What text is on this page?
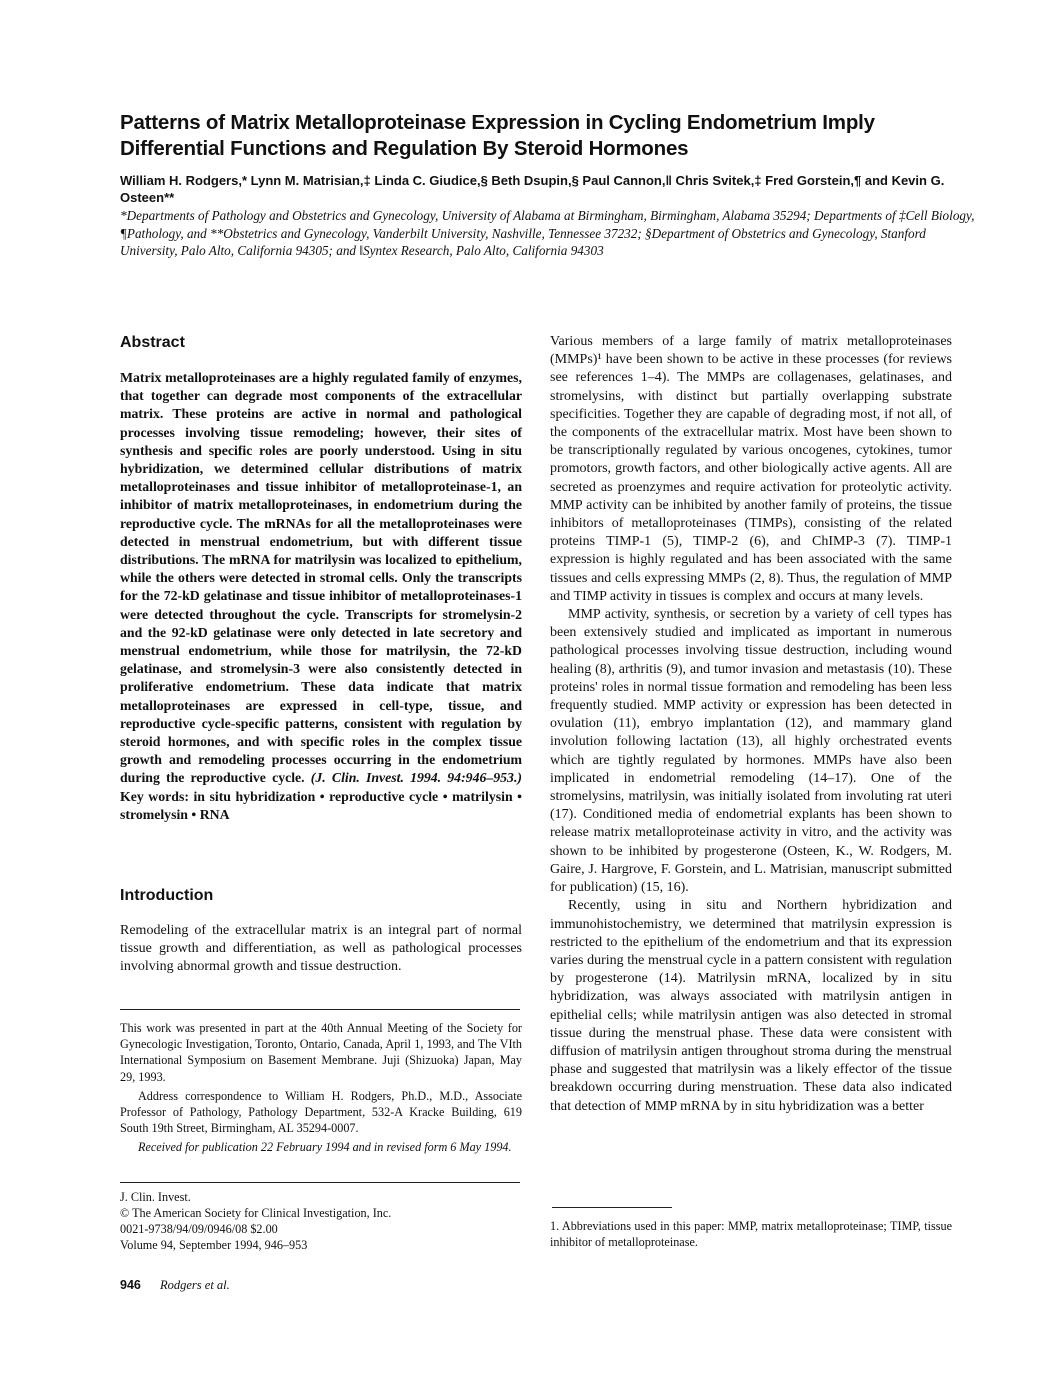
Patterns of Matrix Metalloproteinase Expression in Cycling Endometrium Imply Differential Functions and Regulation By Steroid Hormones
William H. Rodgers,* Lynn M. Matrisian,‡ Linda C. Giudice,§ Beth Dsupin,§ Paul Cannon,‖ Chris Svitek,‡ Fred Gorstein,¶ and Kevin G. Osteen**
*Departments of Pathology and Obstetrics and Gynecology, University of Alabama at Birmingham, Birmingham, Alabama 35294; Departments of ‡Cell Biology, ¶Pathology, and **Obstetrics and Gynecology, Vanderbilt University, Nashville, Tennessee 37232; §Department of Obstetrics and Gynecology, Stanford University, Palo Alto, California 94305; and ‖Syntex Research, Palo Alto, California 94303
Abstract
Matrix metalloproteinases are a highly regulated family of enzymes, that together can degrade most components of the extracellular matrix. These proteins are active in normal and pathological processes involving tissue remodeling; however, their sites of synthesis and specific roles are poorly understood. Using in situ hybridization, we determined cellular distributions of matrix metalloproteinases and tissue inhibitor of metalloproteinase-1, an inhibitor of matrix metalloproteinases, in endometrium during the reproductive cycle. The mRNAs for all the metalloproteinases were detected in menstrual endometrium, but with different tissue distributions. The mRNA for matrilysin was localized to epithelium, while the others were detected in stromal cells. Only the transcripts for the 72-kD gelatinase and tissue inhibitor of metalloproteinases-1 were detected throughout the cycle. Transcripts for stromelysin-2 and the 92-kD gelatinase were only detected in late secretory and menstrual endometrium, while those for matrilysin, the 72-kD gelatinase, and stromelysin-3 were also consistently detected in proliferative endometrium. These data indicate that matrix metalloproteinases are expressed in cell-type, tissue, and reproductive cycle-specific patterns, consistent with regulation by steroid hormones, and with specific roles in the complex tissue growth and remodeling processes occurring in the endometrium during the reproductive cycle. (J. Clin. Invest. 1994. 94:946–953.) Key words: in situ hybridization • reproductive cycle • matrilysin • stromelysin • RNA
Introduction

Remodeling of the extracellular matrix is an integral part of normal tissue growth and differentiation, as well as pathological processes involving abnormal growth and tissue destruction.

This work was presented in part at the 40th Annual Meeting of the Society for Gynecologic Investigation, Toronto, Ontario, Canada, April 1, 1993, and The VIth International Symposium on Basement Membrane. Juji (Shizuoka) Japan, May 29, 1993.

Address correspondence to William H. Rodgers, Ph.D., M.D., Associate Professor of Pathology, Pathology Department, 532-A Kracke Building, 619 South 19th Street, Birmingham, AL 35294-0007.

Received for publication 22 February 1994 and in revised form 6 May 1994.

J. Clin. Invest.
© The American Society for Clinical Investigation, Inc.
0021-9738/94/09/0946/08 $2.00
Volume 94, September 1994, 946–953
946 Rodgers et al.

Various members of a large family of matrix metalloproteinases (MMPs)¹ have been shown to be active in these processes (for reviews see references 1–4). The MMPs are collagenases, gelatinases, and stromelysins, with distinct but partially overlapping substrate specificities. Together they are capable of degrading most, if not all, of the components of the extracellular matrix. Most have been shown to be transcriptionally regulated by various oncogenes, cytokines, tumor promotors, growth factors, and other biologically active agents. All are secreted as proenzymes and require activation for proteolytic activity. MMP activity can be inhibited by another family of proteins, the tissue inhibitors of metalloproteinases (TIMPs), consisting of the related proteins TIMP-1 (5), TIMP-2 (6), and ChIMP-3 (7). TIMP-1 expression is highly regulated and has been associated with the same tissues and cells expressing MMPs (2, 8). Thus, the regulation of MMP and TIMP activity in tissues is complex and occurs at many levels.

MMP activity, synthesis, or secretion by a variety of cell types has been extensively studied and implicated as important in numerous pathological processes involving tissue destruction, including wound healing (8), arthritis (9), and tumor invasion and metastasis (10). These proteins' roles in normal tissue formation and remodeling has been less frequently studied. MMP activity or expression has been detected in ovulation (11), embryo implantation (12), and mammary gland involution following lactation (13), all highly orchestrated events which are tightly regulated by hormones. MMPs have also been implicated in endometrial remodeling (14–17). One of the stromelysins, matrilysin, was initially isolated from involuting rat uteri (17). Conditioned media of endometrial explants has been shown to release matrix metalloproteinase activity in vitro, and the activity was shown to be inhibited by progesterone (Osteen, K., W. Rodgers, M. Gaire, J. Hargrove, F. Gorstein, and L. Matrisian, manuscript submitted for publication) (15, 16).

Recently, using in situ and Northern hybridization and immunohistochemistry, we determined that matrilysin expression is restricted to the epithelium of the endometrium and that its expression varies during the menstrual cycle in a pattern consistent with regulation by progesterone (14). Matrilysin mRNA, localized by in situ hybridization, was always associated with matrilysin antigen in epithelial cells; while matrilysin antigen was also detected in stromal tissue during the menstrual phase. These data were consistent with diffusion of matrilysin antigen throughout stroma during the menstrual phase and suggested that matrilysin was a likely effector of the tissue breakdown occurring during menstruation. These data also indicated that detection of MMP mRNA by in situ hybridization was a better

1. Abbreviations used in this paper: MMP, matrix metalloproteinase; TIMP, tissue inhibitor of metalloproteinase.
